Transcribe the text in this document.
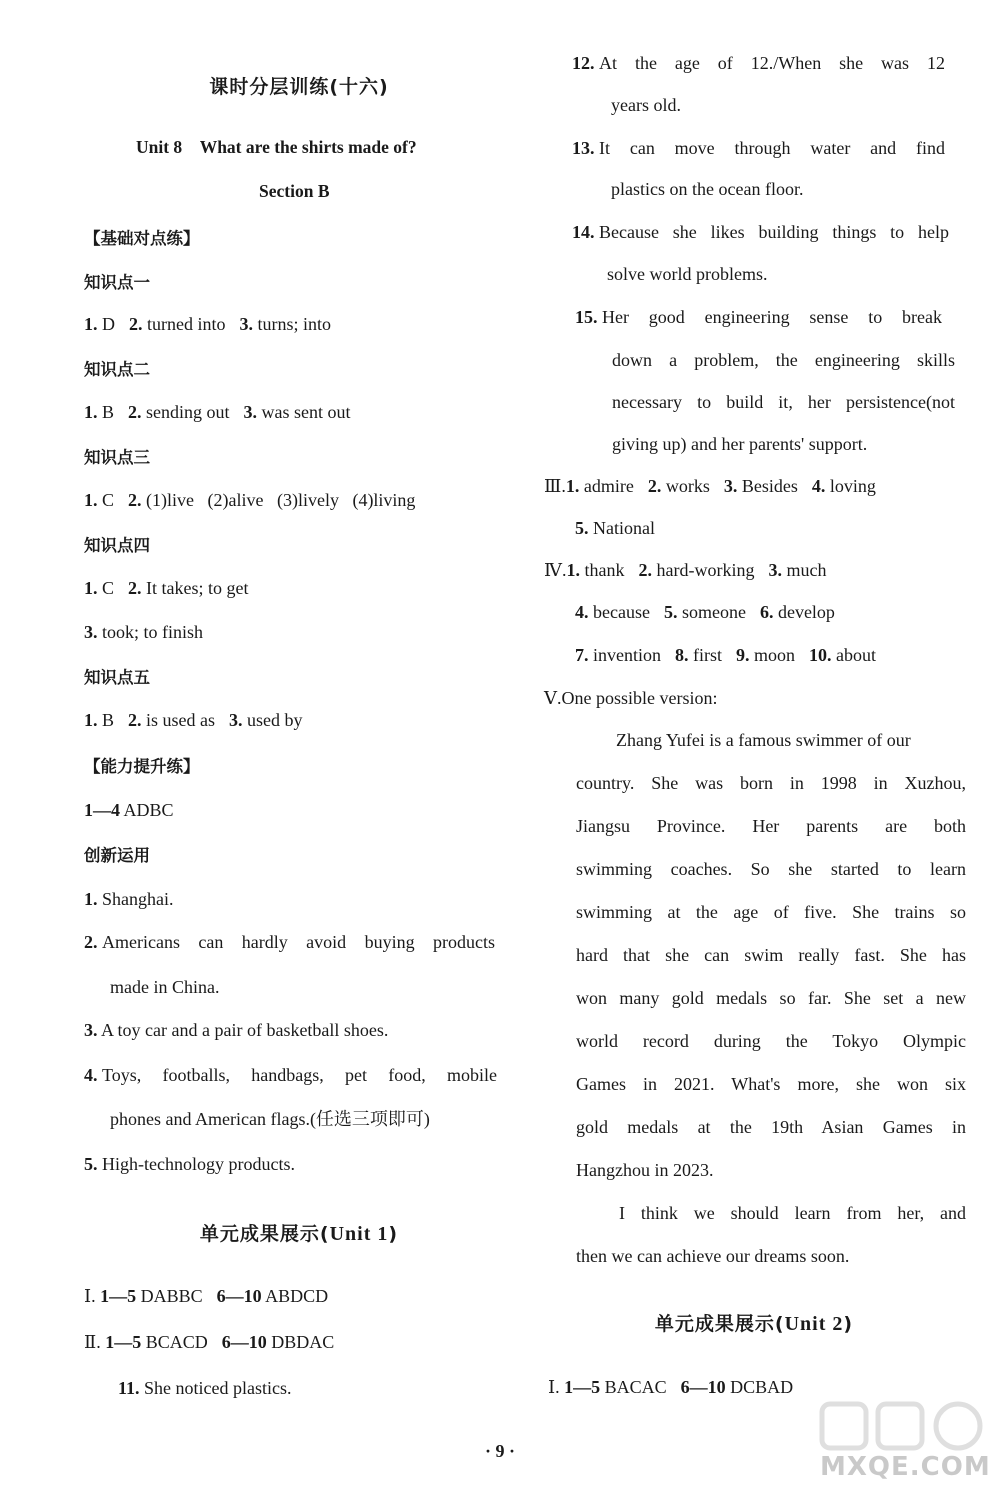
课时分层训练(十六)
Unit 8 What are the shirts made of?
Section B
【基础对点练】
知识点一
1. D 2. turned into 3. turns; into
知识点二
1. B 2. sending out 3. was sent out
知识点三
1. C 2. (1)live   (2)alive   (3)lively   (4)living
知识点四
1. C 2. It takes; to get
3. took; to finish
知识点五
1. B 2. is used as 3. used by
【能力提升练】
1—4 ADBC
创新运用
1. Shanghai.
2. Americans can hardly avoid buying products
made in China.
3. A toy car and a pair of basketball shoes.
4. Toys, footballs, handbags, pet food, mobile
phones and American flags.(任选三项即可)
5. High-technology products.
单元成果展示(Unit 1)
Ⅰ. 1—5 DABBC 6—10 ABDCD
Ⅱ. 1—5 BCACD 6—10 DBDAC
11. She noticed plastics.
12. At the age of 12./When she was 12
years old.
13. It can move through water and find
plastics on the ocean floor.
14. Because she likes building things to help
solve world problems.
15. Her good engineering sense to break
down a problem, the engineering skills
necessary to build it, her persistence(not
giving up) and her parents' support.
Ⅲ.1. admire 2. works 3. Besides 4. loving
5. National
Ⅳ.1. thank 2. hard-working 3. much
4. because 5. someone 6. develop
7. invention 8. first 9. moon 10. about
Ⅴ.One possible version:
Zhang Yufei is a famous swimmer of our
country. She was born in 1998 in Xuzhou,
Jiangsu Province. Her parents are both
swimming coaches. So she started to learn
swimming at the age of five. She trains so
hard that she can swim really fast. She has
won many gold medals so far. She set a new
world record during the Tokyo Olympic
Games in 2021. What's more, she won six
gold medals at the 19th Asian Games in
Hangzhou in 2023.
I think we should learn from her, and
then we can achieve our dreams soon.
单元成果展示(Unit 2)
Ⅰ. 1—5 BACAC 6—10 DCBAD
· 9 ·
MXQE.COM
